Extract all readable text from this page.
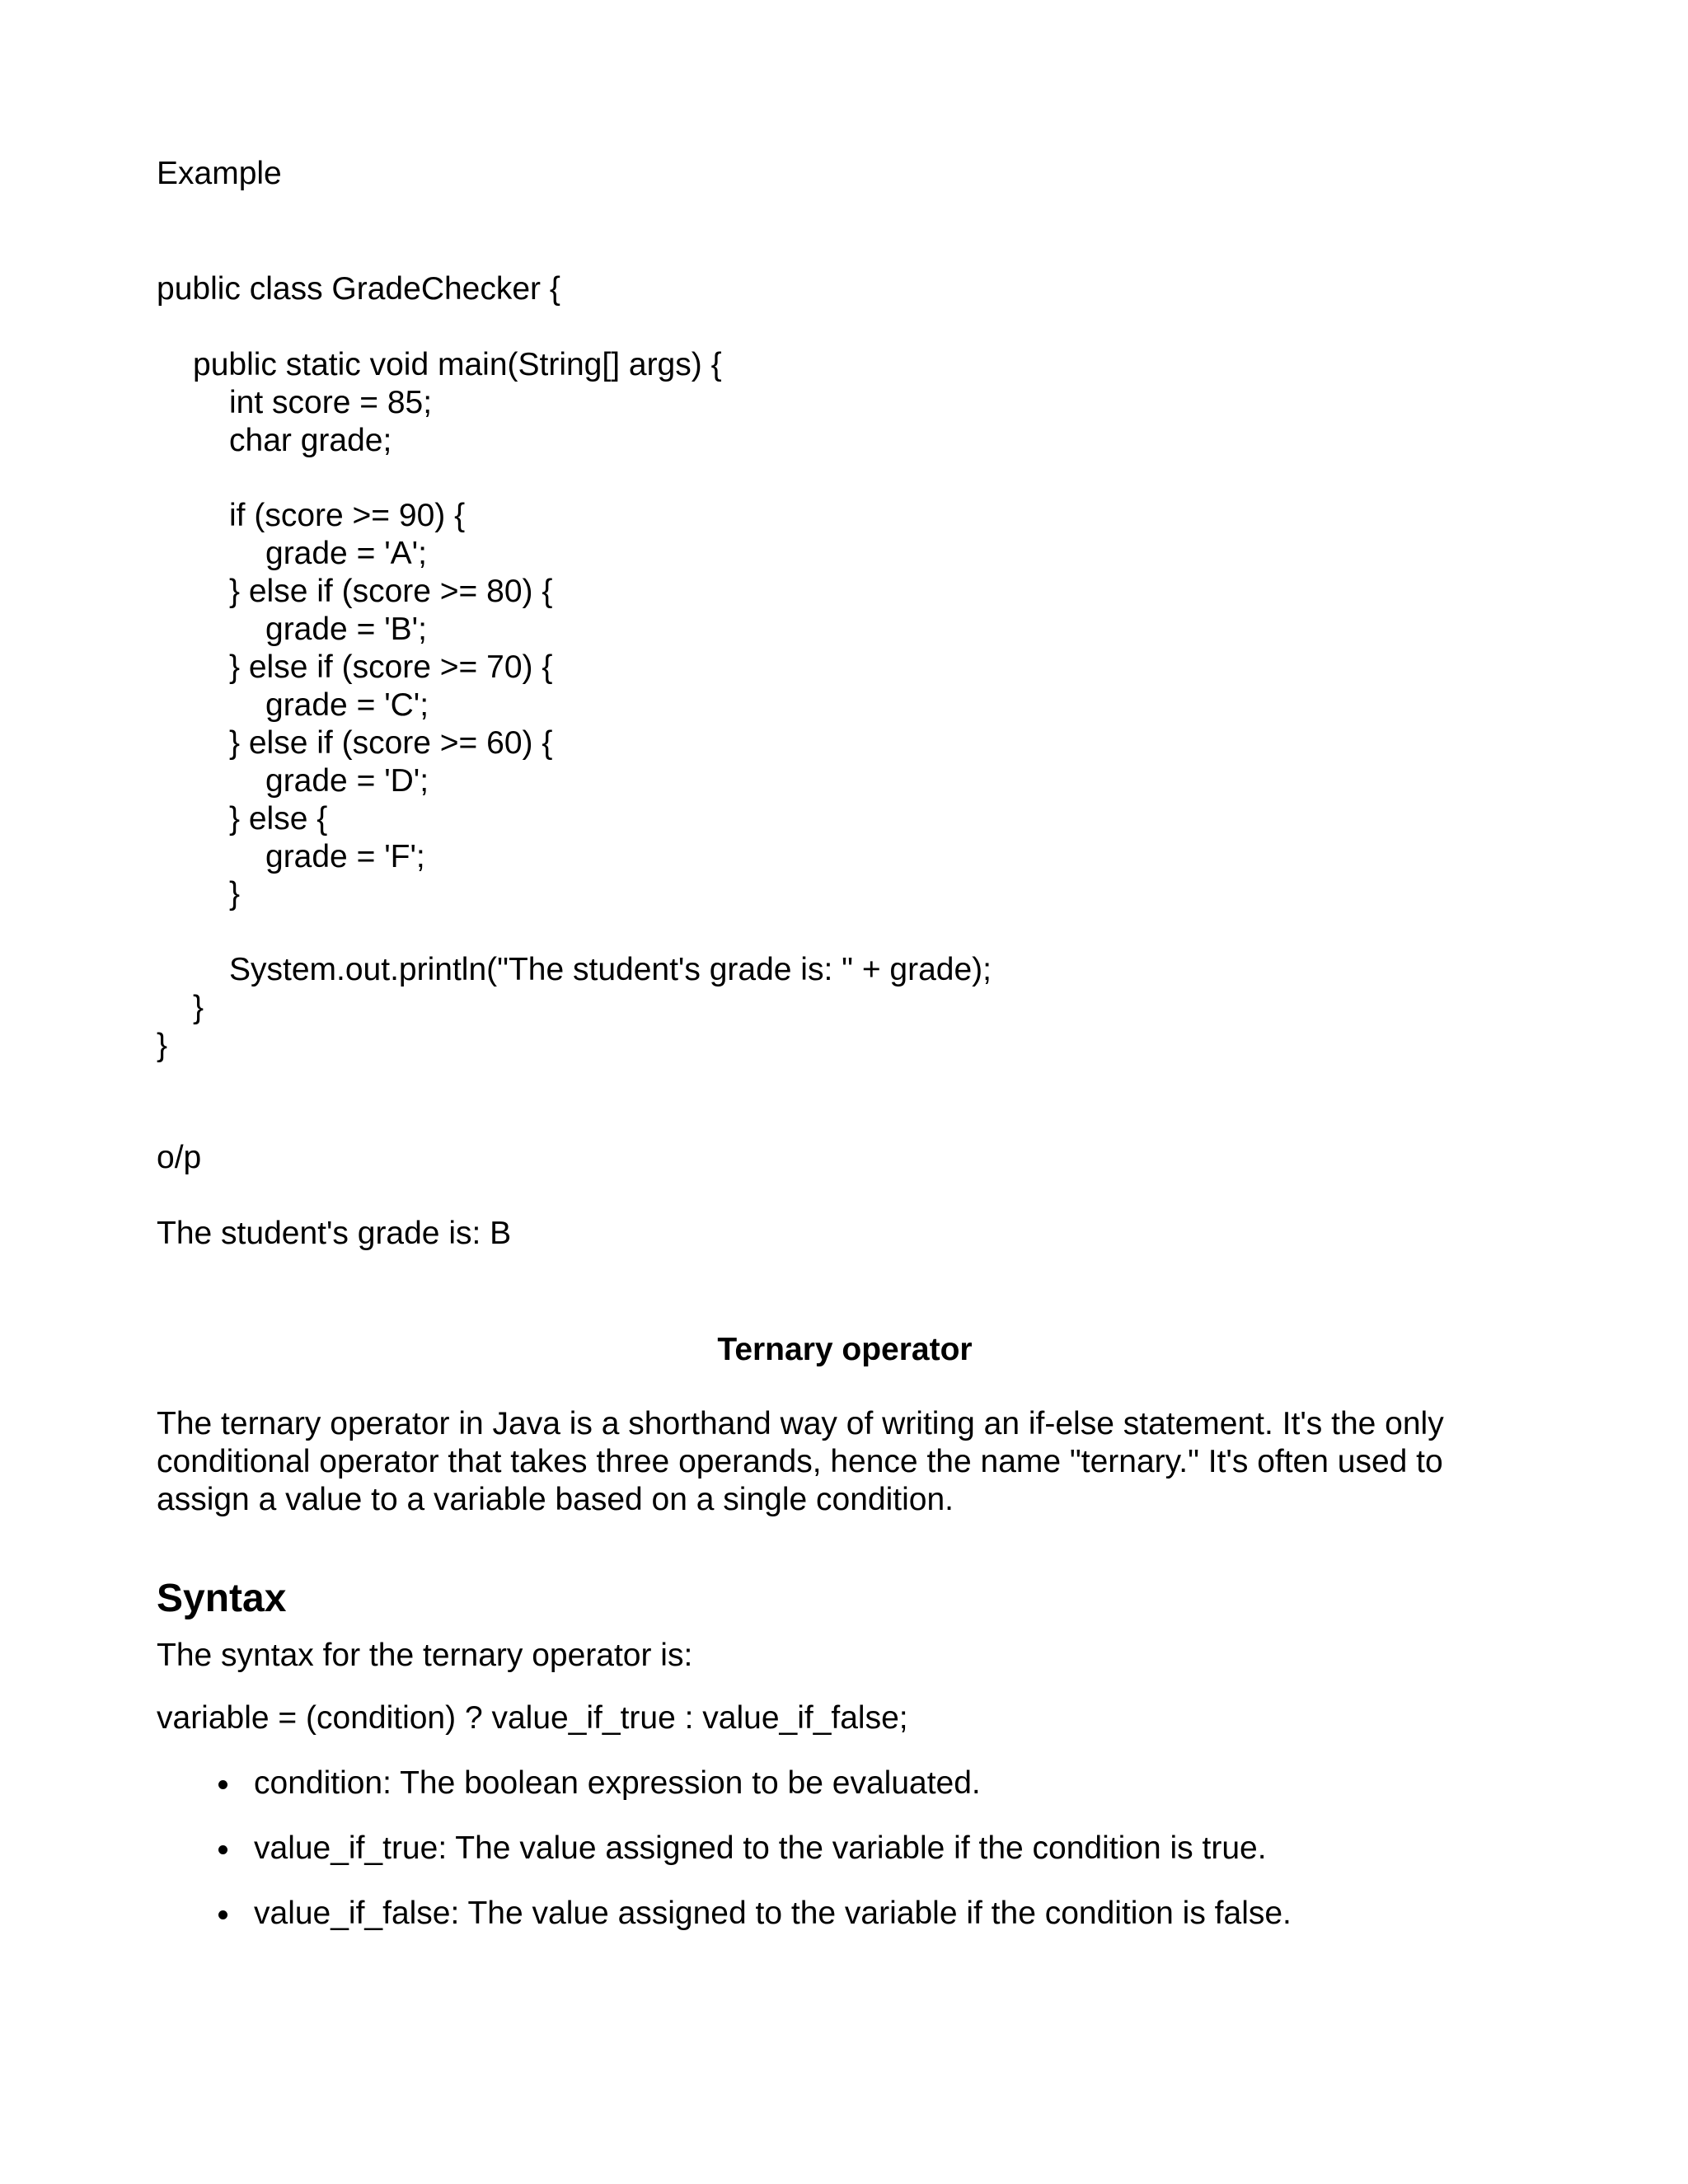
Example

public class GradeChecker {
public static void main(String[] args) {
int score = 85;
char grade;
if (score >= 90) {
grade = 'A';
} else if (score >= 80) {
grade = 'B';
} else if (score >= 70) {
grade = 'C';
} else if (score >= 60) {
grade = 'D';
} else {
grade = 'F';
}
System.out.println("The student's grade is: " + grade);
}
}

o/p

The student's grade is: B

Ternary operator

The ternary operator in Java is a shorthand way of writing an if-else statement. It's the only conditional operator that takes three operands, hence the name "ternary." It's often used to assign a value to a variable based on a single condition.

Syntax

The syntax for the ternary operator is:

variable = (condition) ? value_if_true : value_if_false;

condition: The boolean expression to be evaluated.
value_if_true: The value assigned to the variable if the condition is true.
value_if_false: The value assigned to the variable if the condition is false.
